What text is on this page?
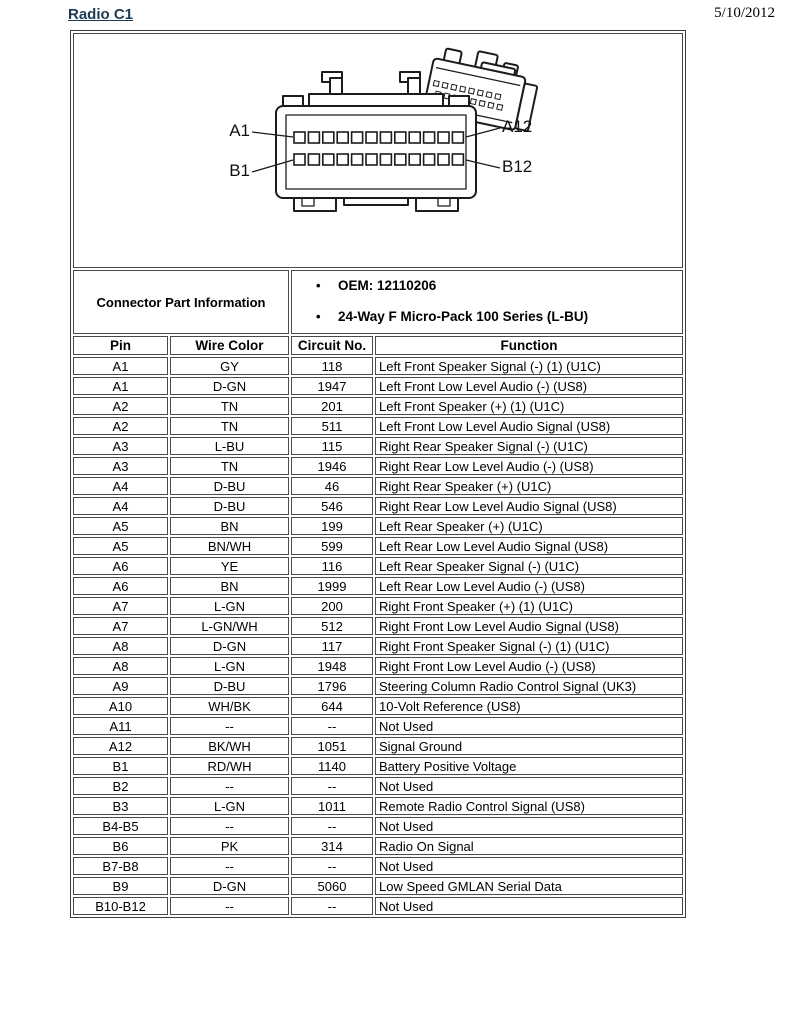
Radio C1	5/10/2012
A1 A12
B1 B12			

Connector Part Information		• OEM: 12110206
• 24-Way F Micro-Pack 100 Series (L-BU)	

Pin	Wire Color	Circuit No.	Function
A1	GY	118	Left Front Speaker Signal (-) (1) (U1C)
A1	D-GN	1947	Left Front Low Level Audio (-) (US8)
A2	TN	201	Left Front Speaker (+) (1) (U1C)
A2	TN	511	Left Front Low Level Audio Signal (US8)
A3	L-BU	115	Right Rear Speaker Signal (-) (U1C)
A3	TN	1946	Right Rear Low Level Audio (-) (US8)
A4	D-BU	46	Right Rear Speaker (+) (U1C)
A4	D-BU	546	Right Rear Low Level Audio Signal (US8)
A5	BN	199	Left Rear Speaker (+) (U1C)
A5	BN/WH	599	Left Rear Low Level Audio Signal (US8)
A6	YE	116	Left Rear Speaker Signal (-) (U1C)
A6	BN	1999	Left Rear Low Level Audio (-) (US8)
A7	L-GN	200	Right Front Speaker (+) (1) (U1C)
A7	L-GN/WH	512	Right Front Low Level Audio Signal (US8)
A8	D-GN	117	Right Front Speaker Signal (-) (1) (U1C)
A8	L-GN	1948	Right Front Low Level Audio (-) (US8)
A9	D-BU	1796	Steering Column Radio Control Signal (UK3)
A10	WH/BK	644	10-Volt Reference (US8)
A11	--	--	Not Used
A12	BK/WH	1051	Signal Ground
B1	RD/WH	1140	Battery Positive Voltage
B2	--	--	Not Used
B3	L-GN	1011	Remote Radio Control Signal (US8)
B4-B5	--	--	Not Used
B6	PK	314	Radio On Signal
B7-B8	--	--	Not Used
B9	D-GN	5060	Low Speed GMLAN Serial Data
B10-B12	--	--	Not Used
